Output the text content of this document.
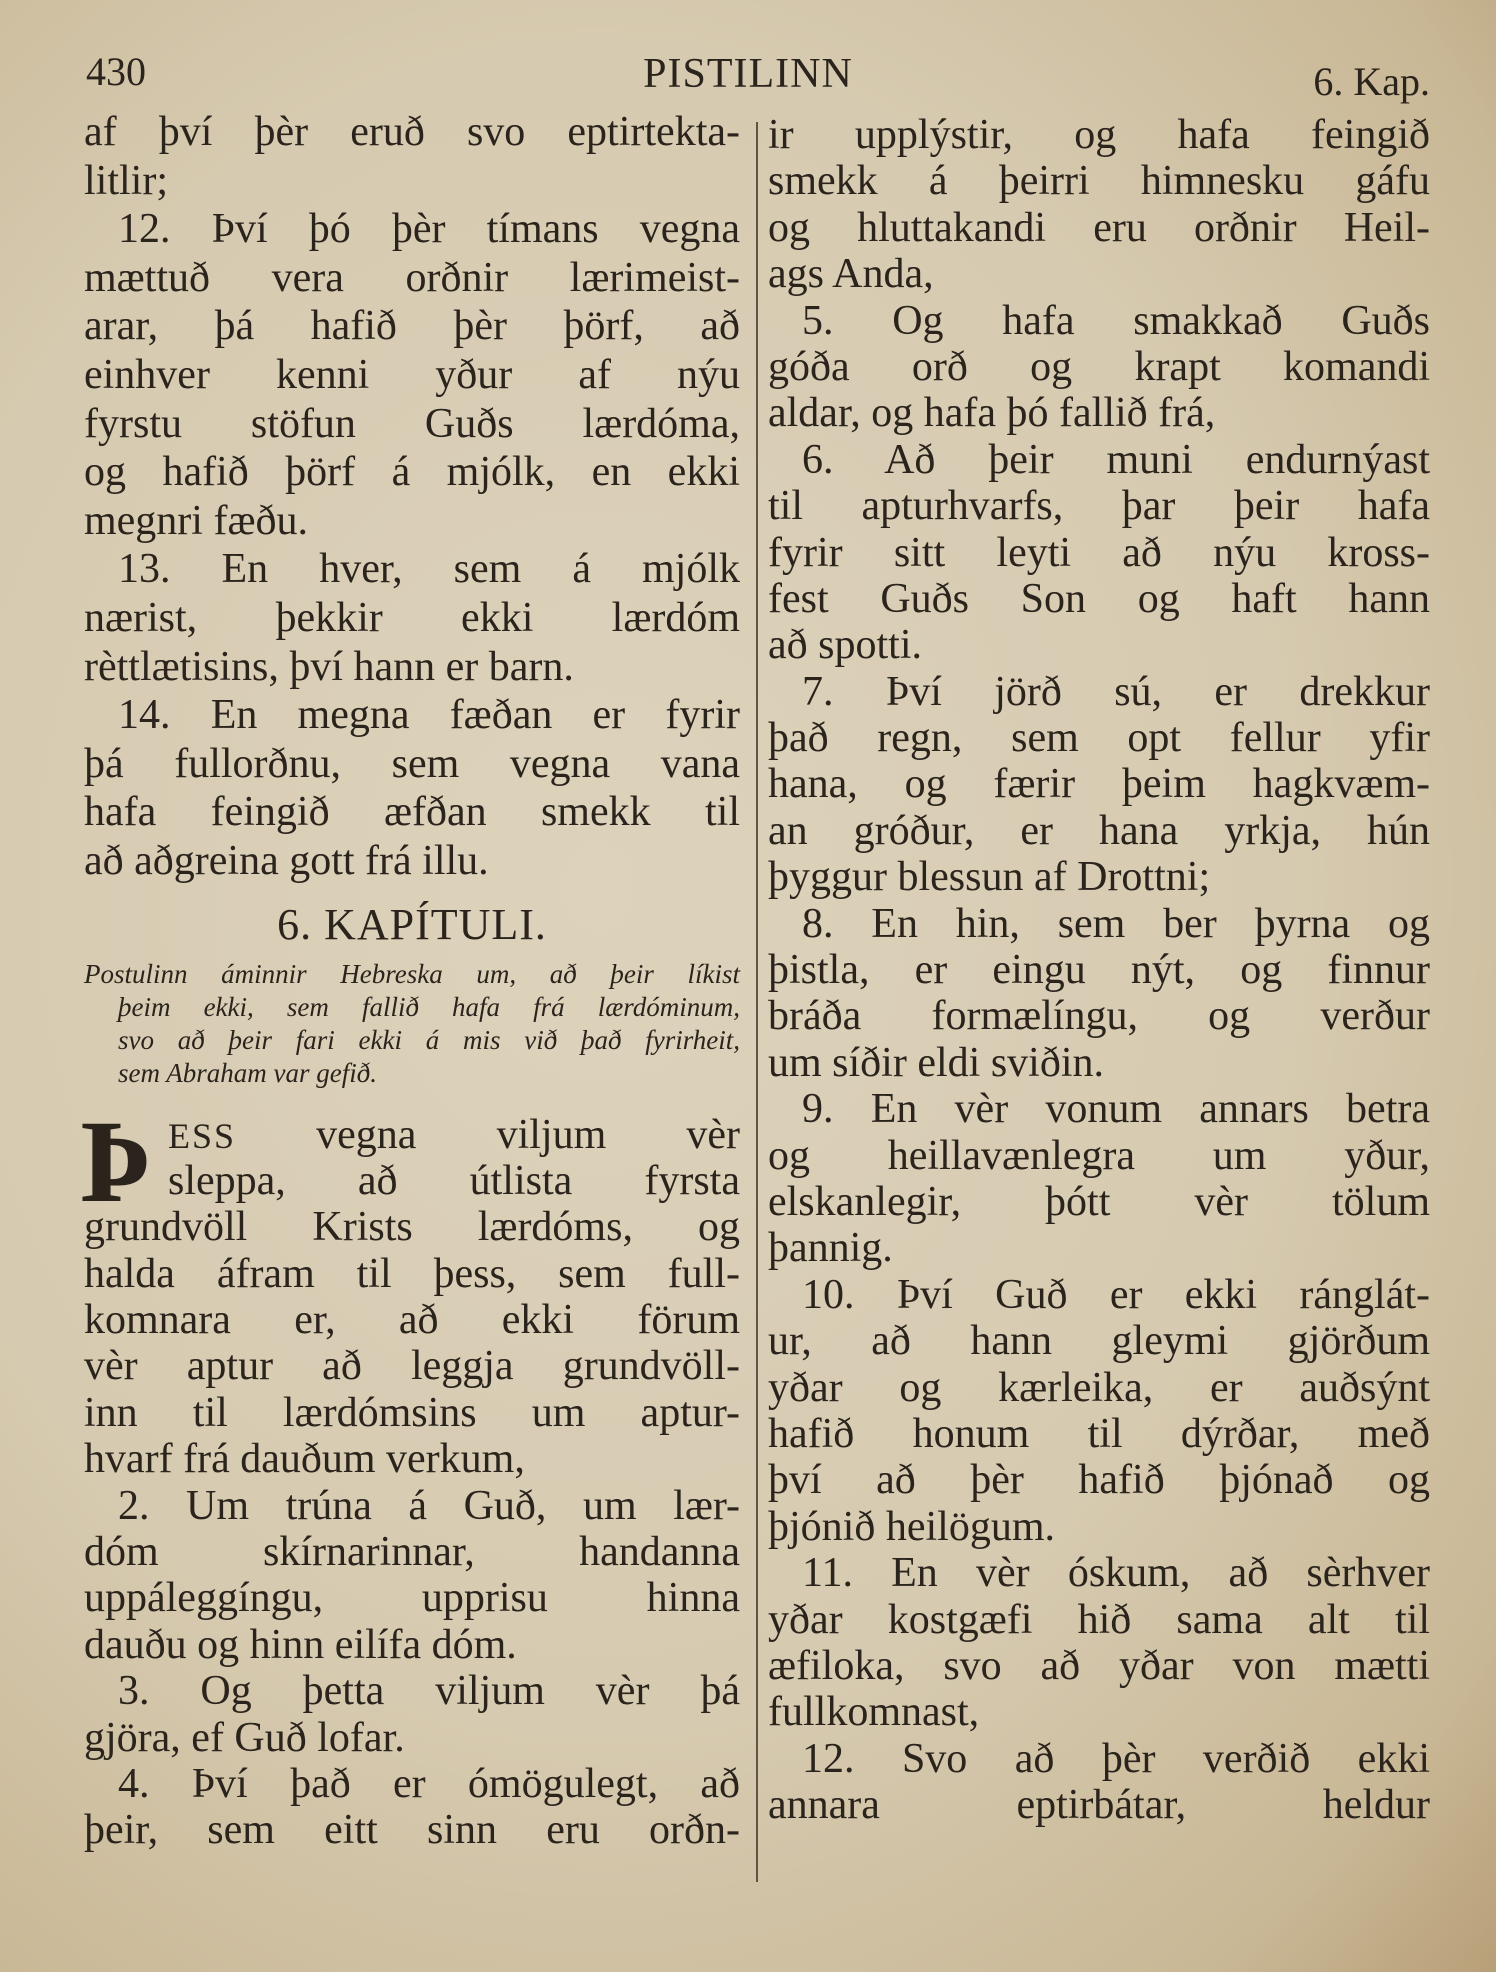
430	PISTILINN	6. Kap.
af því þèr eruð svo eptirtekta-
litlir;
12. Því þó þèr tímans vegna
mættuð vera orðnir lærimeist-
arar, þá hafið þèr þörf, að
einhver kenni yður af nýu
fyrstu stöfun Guðs lærdóma,
og hafið þörf á mjólk, en ekki
megnri fæðu.
13. En hver, sem á mjólk
nærist, þekkir ekki lærdóm
rèttlætisins, því hann er barn.
14. En megna fæðan er fyrir
þá fullorðnu, sem vegna vana
hafa feingið æfðan smekk til
að aðgreina gott frá illu.
6. KAPÍTULI.
Postulinn áminnir Hebreska um, að þeir líkist
þeim ekki, sem fallið hafa frá lærdóminum,
svo að þeir fari ekki á mis við það fyrirheit,
sem Abraham var gefið.
Þ ESS vegna viljum vèr
sleppa, að útlista fyrsta
grundvöll Krists lærdóms, og
halda áfram til þess, sem full-
komnara er, að ekki förum
vèr aptur að leggja grundvöll-
inn til lærdómsins um aptur-
hvarf frá dauðum verkum,
2. Um trúna á Guð, um lær-
dóm skírnarinnar, handanna
uppáleggíngu, upprisu hinna
dauðu og hinn eilífa dóm.
3. Og þetta viljum vèr þá
gjöra, ef Guð lofar.
4. Því það er ómögulegt, að
þeir, sem eitt sinn eru orðn-
ir upplýstir, og hafa feingið
smekk á þeirri himnesku gáfu
og hluttakandi eru orðnir Heil-
ags Anda,
5. Og hafa smakkað Guðs
góða orð og krapt komandi
aldar, og hafa þó fallið frá,
6. Að þeir muni endurnýast
til apturhvarfs, þar þeir hafa
fyrir sitt leyti að nýu kross-
fest Guðs Son og haft hann
að spotti.
7. Því jörð sú, er drekkur
það regn, sem opt fellur yfir
hana, og færir þeim hagkvæm-
an gróður, er hana yrkja, hún
þyggur blessun af Drottni;
8. En hin, sem ber þyrna og
þistla, er eingu nýt, og finnur
bráða formælíngu, og verður
um síðir eldi sviðin.
9. En vèr vonum annars betra
og heillavænlegra um yður,
elskanlegir, þótt vèr tölum
þannig.
10. Því Guð er ekki ránglát-
ur, að hann gleymi gjörðum
yðar og kærleika, er auðsýnt
hafið honum til dýrðar, með
því að þèr hafið þjónað og
þjónið heilögum.
11. En vèr óskum, að sèrhver
yðar kostgæfi hið sama alt til
æfiloka, svo að yðar von mætti
fullkomnast,
12. Svo að þèr verðið ekki
annara eptirbátar, heldur
